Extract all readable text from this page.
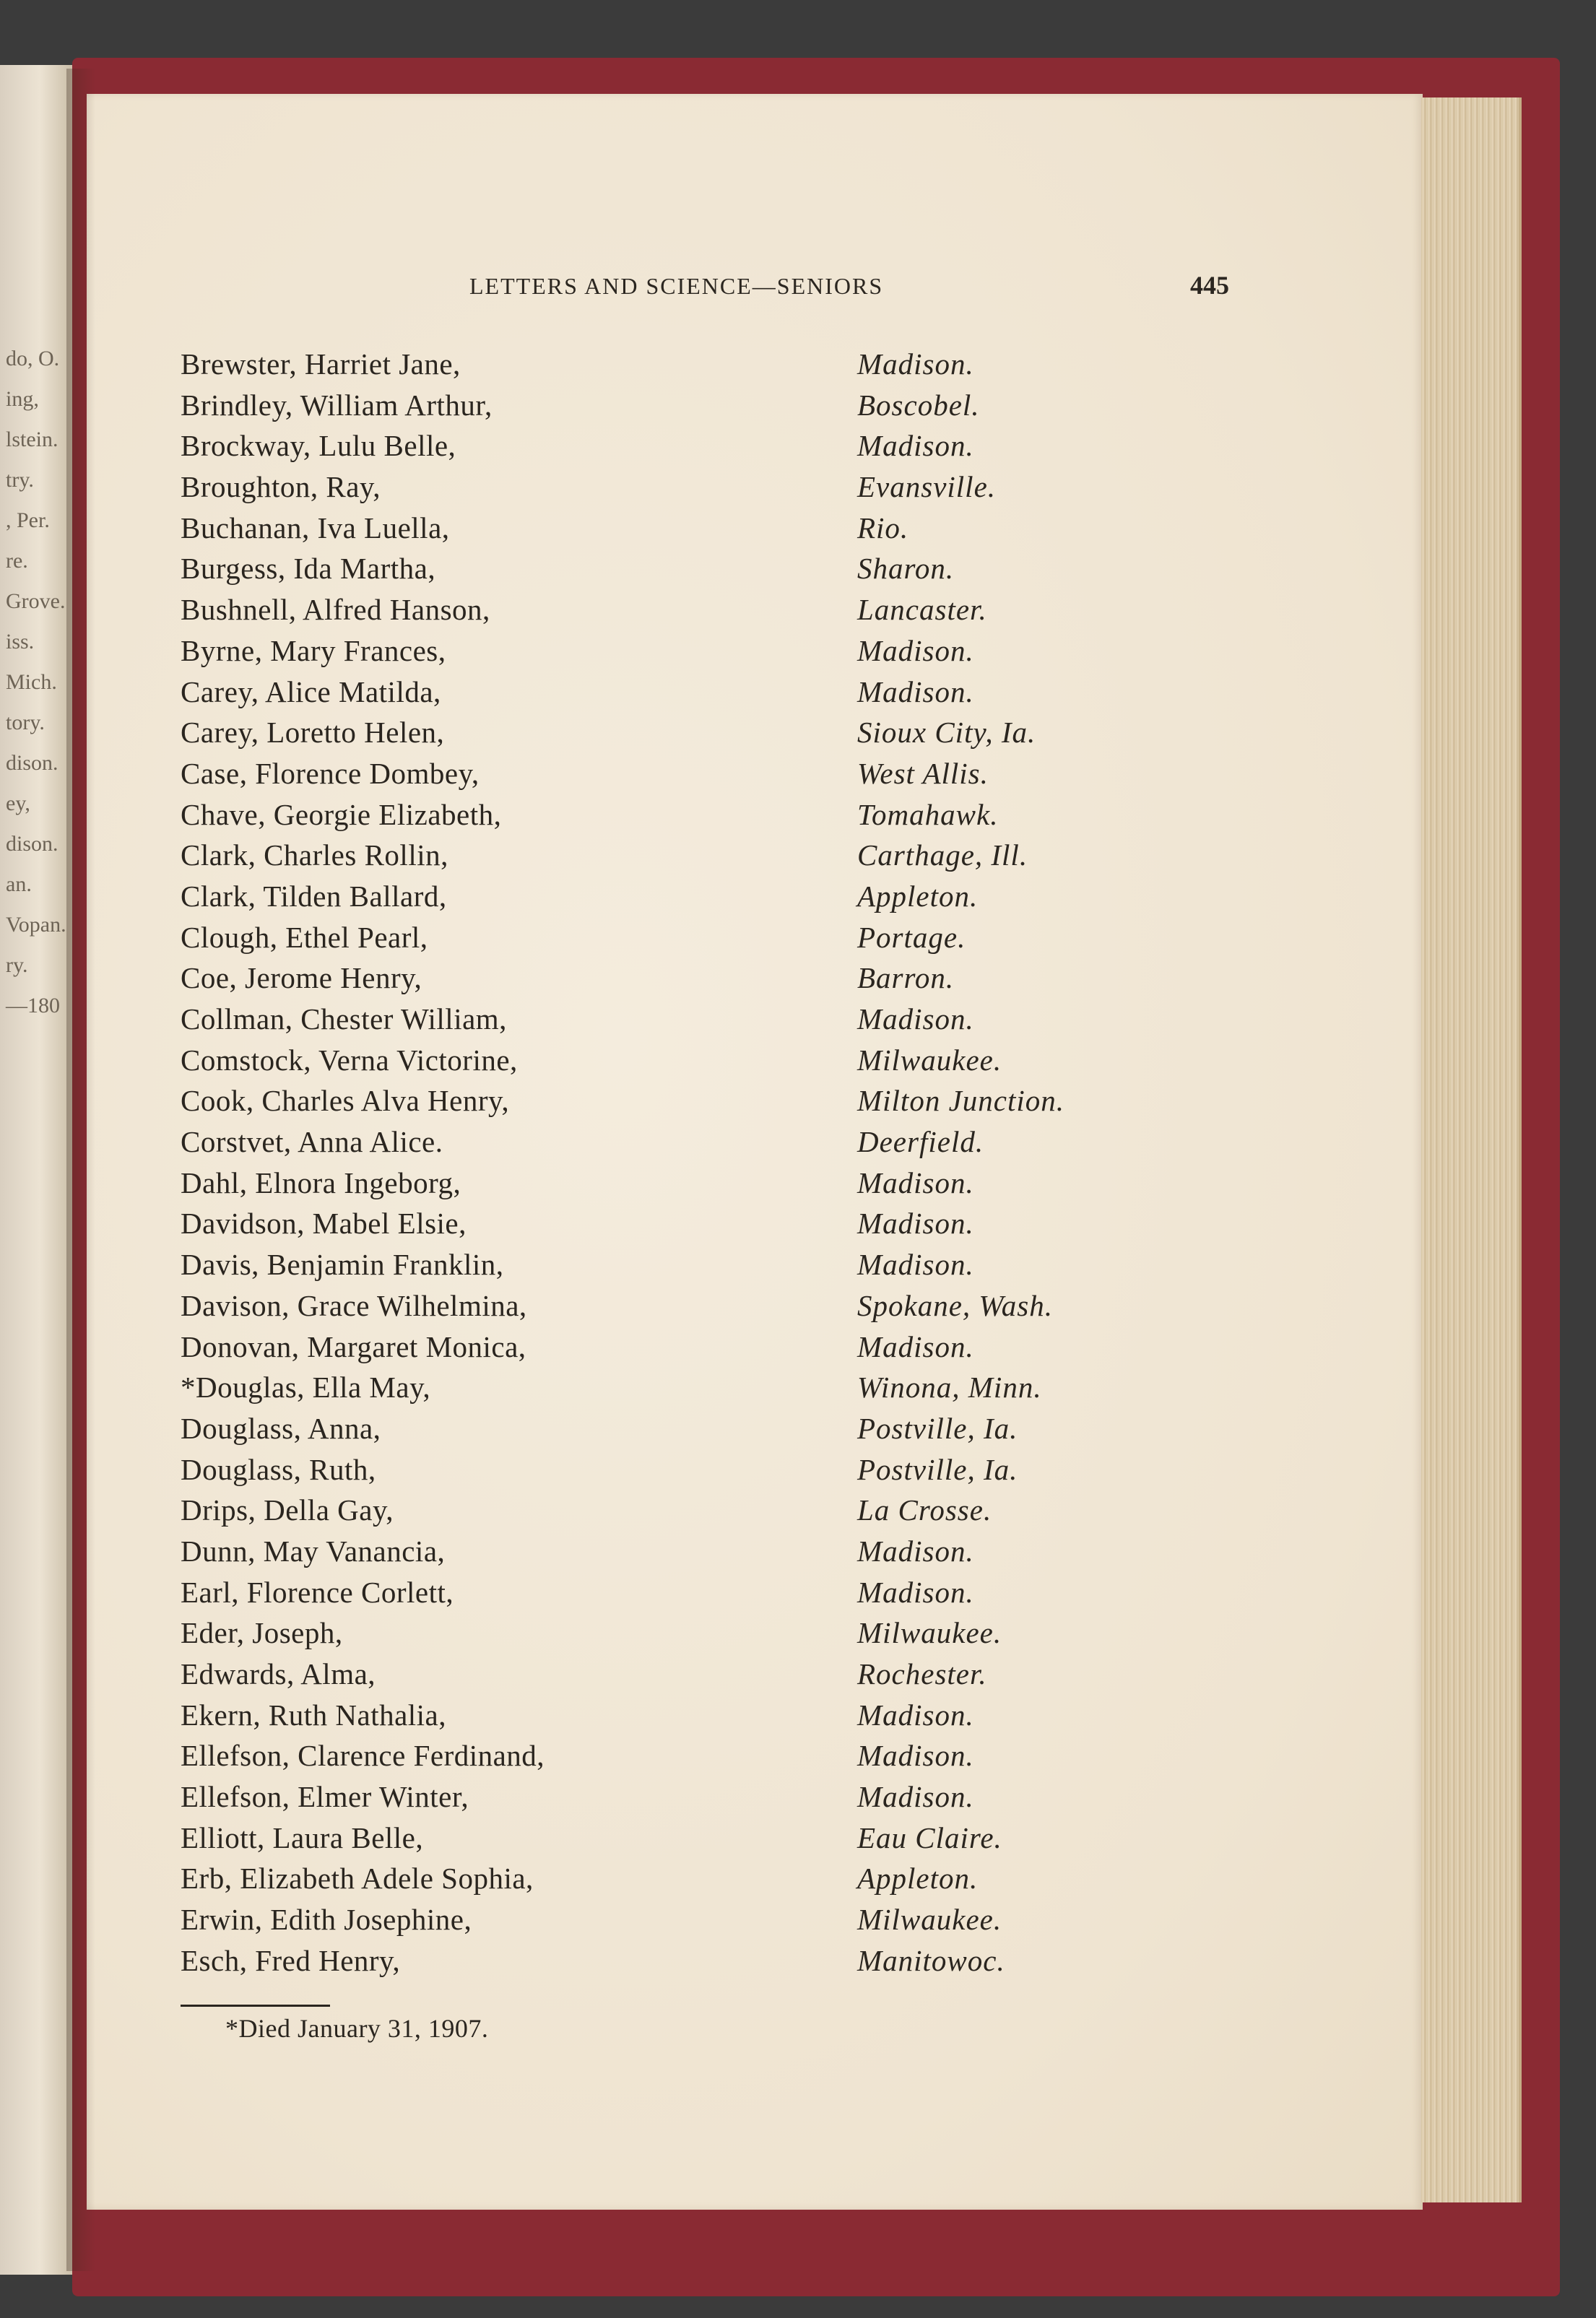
do, O.
ing,
lstein.
try.
, Per.
re.
Grove.
iss.
Mich.
tory.
dison.
ey,
dison.
an.
Vopan.
ry.
—180
LETTERS AND SCIENCE—SENIORS	445
Brewster, Harriet Jane,	Madison.
Brindley, William Arthur,	Boscobel.
Brockway, Lulu Belle,	Madison.
Broughton, Ray,	Evansville.
Buchanan, Iva Luella,	Rio.
Burgess, Ida Martha,	Sharon.
Bushnell, Alfred Hanson,	Lancaster.
Byrne, Mary Frances,	Madison.
Carey, Alice Matilda,	Madison.
Carey, Loretto Helen,	Sioux City, Ia.
Case, Florence Dombey,	West Allis.
Chave, Georgie Elizabeth,	Tomahawk.
Clark, Charles Rollin,	Carthage, Ill.
Clark, Tilden Ballard,	Appleton.
Clough, Ethel Pearl,	Portage.
Coe, Jerome Henry,	Barron.
Collman, Chester William,	Madison.
Comstock, Verna Victorine,	Milwaukee.
Cook, Charles Alva Henry,	Milton Junction.
Corstvet, Anna Alice.	Deerfield.
Dahl, Elnora Ingeborg,	Madison.
Davidson, Mabel Elsie,	Madison.
Davis, Benjamin Franklin,	Madison.
Davison, Grace Wilhelmina,	Spokane, Wash.
Donovan, Margaret Monica,	Madison.
*Douglas, Ella May,	Winona, Minn.
Douglass, Anna,	Postville, Ia.
Douglass, Ruth,	Postville, Ia.
Drips, Della Gay,	La Crosse.
Dunn, May Vanancia,	Madison.
Earl, Florence Corlett,	Madison.
Eder, Joseph,	Milwaukee.
Edwards, Alma,	Rochester.
Ekern, Ruth Nathalia,	Madison.
Ellefson, Clarence Ferdinand,	Madison.
Ellefson, Elmer Winter,	Madison.
Elliott, Laura Belle,	Eau Claire.
Erb, Elizabeth Adele Sophia,	Appleton.
Erwin, Edith Josephine,	Milwaukee.
Esch, Fred Henry,	Manitowoc.
*Died January 31, 1907.
